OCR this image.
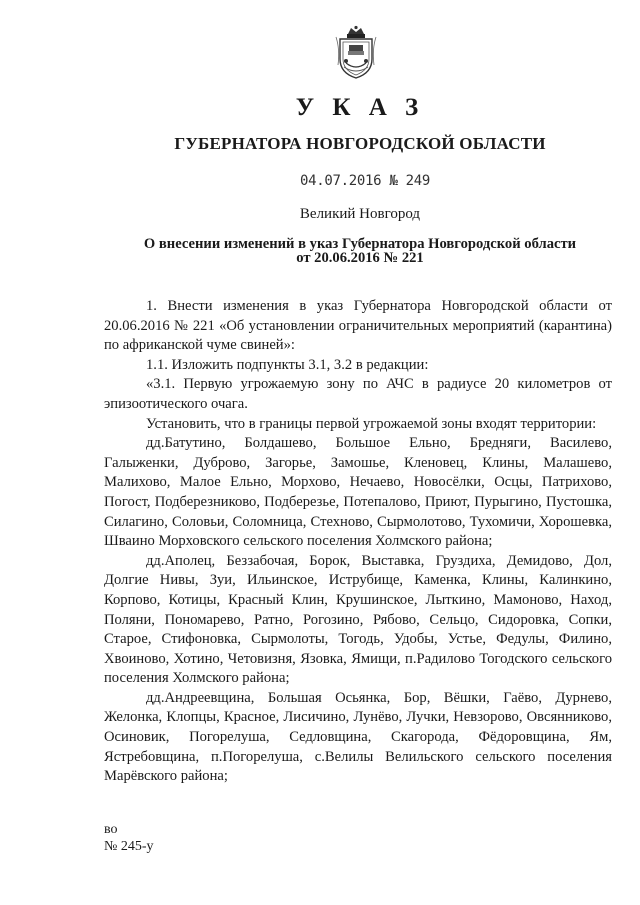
У К А З
ГУБЕРНАТОРА НОВГОРОДСКОЙ ОБЛАСТИ
04.07.2016 № 249
Великий Новгород
О внесении изменений в указ Губернатора Новгородской области
от 20.06.2016 № 221

1. Внести изменения в указ Губернатора Новгородской области от 20.06.2016 № 221 «Об установлении ограничительных мероприятий (карантина) по африканской чуме свиней»:

1.1. Изложить подпункты 3.1, 3.2 в редакции:

«3.1. Первую угрожаемую зону по АЧС в радиусе 20 километров от эпизоотического очага.

Установить, что в границы первой угрожаемой зоны входят территории:

дд.Батутино, Болдашево, Большое Ельно, Бредняги, Василево, Галыженки, Дуброво, Загорье, Замошье, Кленовец, Клины, Малашево, Малихово, Малое Ельно, Морхово, Нечаево, Новосёлки, Осцы, Патрихово, Погост, Подберезниково, Подберезье, Потепалово, Приют, Пурыгино, Пустошка, Силагино, Соловьи, Соломница, Стехново, Сырмолотово, Тухомичи, Хорошевка, Шваино Морховского сельского поселения Холмского района;

дд.Аполец, Беззабочая, Борок, Выставка, Груздиха, Демидово, Дол, Долгие Нивы, Зуи, Ильинское, Иструбище, Каменка, Клины, Калинкино, Корпово, Котицы, Красный Клин, Крушинское, Лыткино, Мамоново, Наход, Поляни, Пономарево, Ратно, Рогозино, Рябово, Сельцо, Сидоровка, Сопки, Старое, Стифоновка, Сырмолоты, Тогодь, Удобы, Устье, Федулы, Филино, Хвоиново, Хотино, Четовизня, Язовка, Ямищи, п.Радилово Тогодского сельского поселения Холмского района;

дд.Андреевщина, Большая Осьянка, Бор, Вёшки, Гаёво, Дурнево, Желонка, Клопцы, Красное, Лисичино, Лунёво, Лучки, Невзорово, Овсянниково, Осиновик, Погорелуша, Седловщина, Скагорода, Фёдоровщина, Ям, Ястребовщина, п.Погорелуша, с.Велилы Велильского сельского поселения Марёвского района;

во
№ 245-у
